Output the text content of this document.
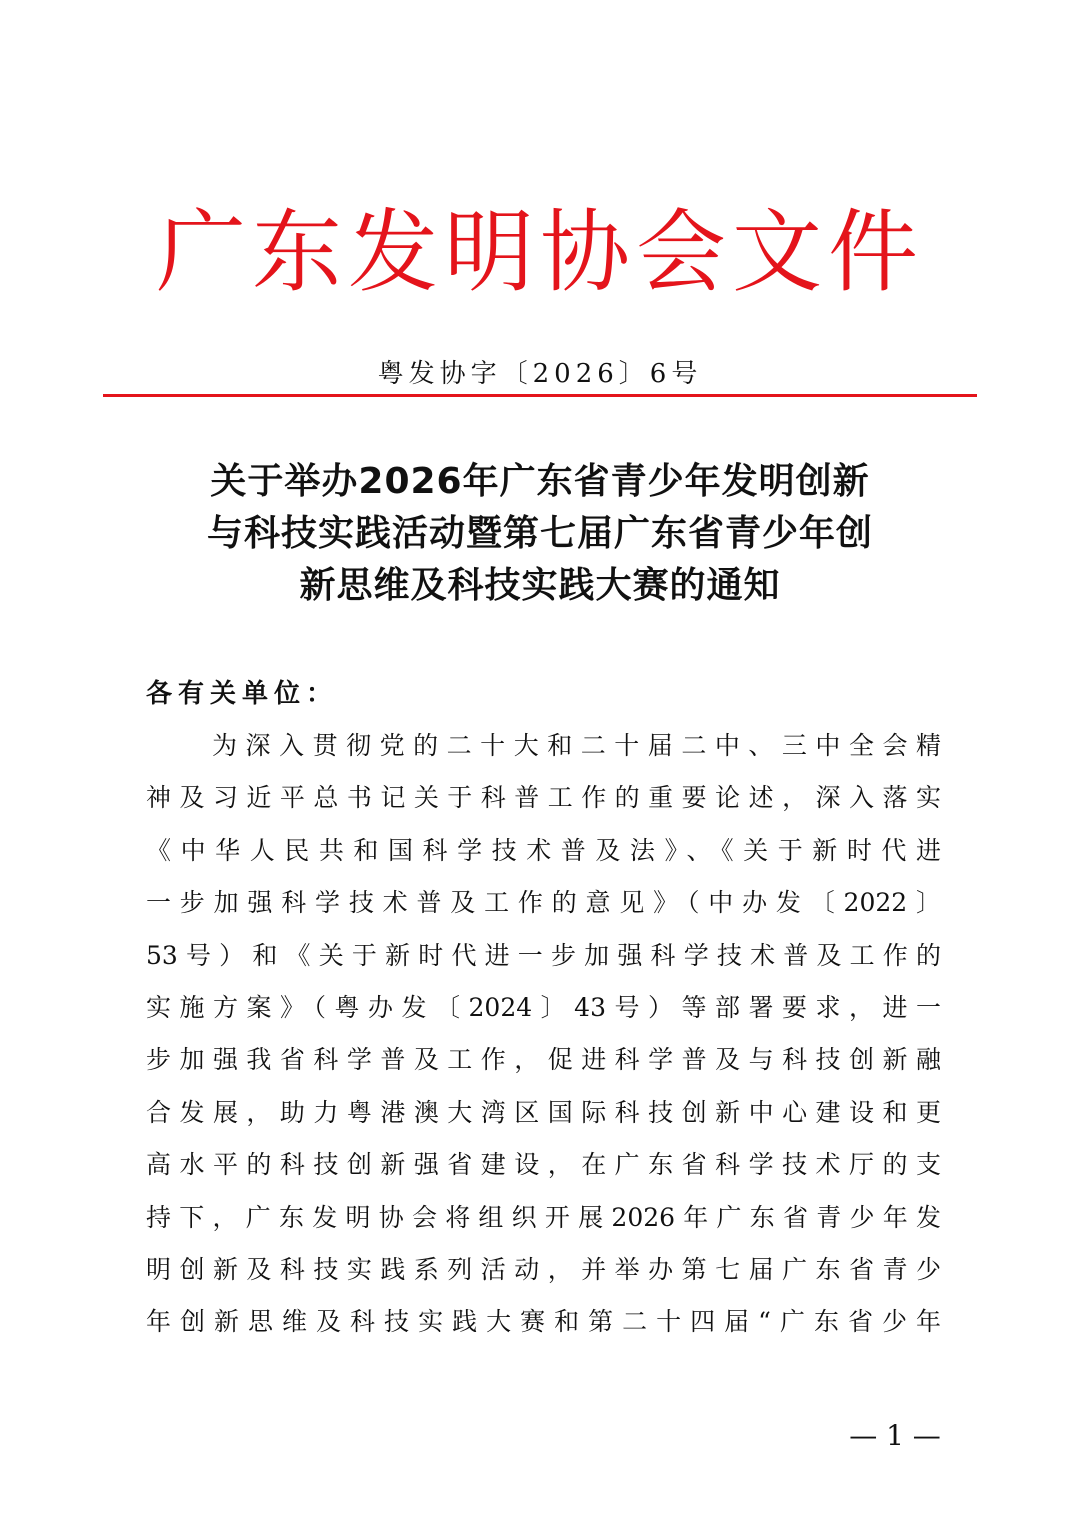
广东发明协会文件
粤发协字〔2026〕6号
关于举办2026年广东省青少年发明创新
与科技实践活动暨第七届广东省青少年创
新思维及科技实践大赛的通知
各有关单位：
为深入贯彻党的二十大和二十届二中、三中全会精
神及习近平总书记关于科普工作的重要论述，深入落实
《中华人民共和国科学技术普及法》、《关于新时代进
一步加强科学技术普及工作的意见》（中办发〔2022〕
53号）和《关于新时代进一步加强科学技术普及工作的
实施方案》（粤办发〔2024〕43号）等部署要求，进一
步加强我省科学普及工作，促进科学普及与科技创新融
合发展，助力粤港澳大湾区国际科技创新中心建设和更
高水平的科技创新强省建设，在广东省科学技术厅的支
持下，广东发明协会将组织开展2026年广东省青少年发
明创新及科技实践系列活动，并举办第七届广东省青少
年创新思维及科技实践大赛和第二十四届“广东省少年
— 1 —
